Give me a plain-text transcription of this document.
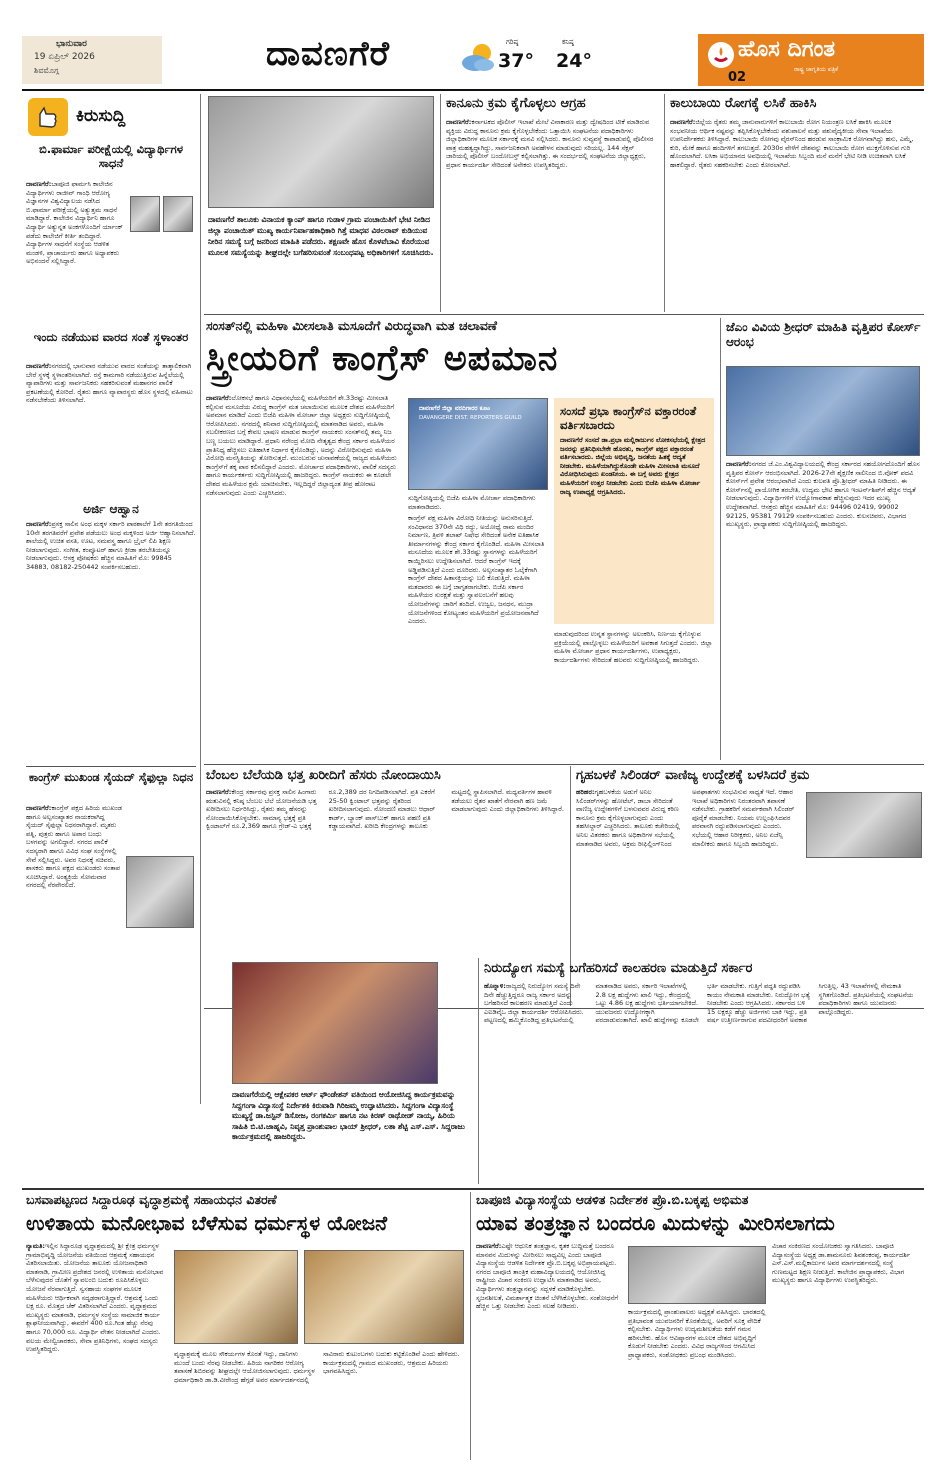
ಭಾನುವಾರ
19 ಏಪ್ರಿಲ್ 2026
ಶಿವಮೊಗ್ಗ	ದಾವಣಗೆರೆ	ಗರಿಷ್ಠ
37°
ಕನಿಷ್ಠ
24°	ಹೊಸ ದಿಗಂತ
ರಾಷ್ಟ್ರ ಜಾಗೃತಿಯ ಪತ್ರಿಕೆ
02
ಕಿರುಸುದ್ದಿ
ಬಿ.ಫಾರ್ಮಾ ಪರೀಕ್ಷೆಯಲ್ಲಿ ವಿದ್ಯಾರ್ಥಿಗಳ ಸಾಧನೆ
ದಾವಣಗೆರೆ:ಬಾಪೂಜಿ ಫಾರ್ಮಸಿ ಕಾಲೇಜಿನ ವಿದ್ಯಾರ್ಥಿಗಳು ರಾಜೀವ್ ಗಾಂಧಿ ಆರೋಗ್ಯ ವಿಜ್ಞಾನಗಳ ವಿಶ್ವವಿದ್ಯಾಲಯ ನಡೆಸಿದ ಬಿ.ಫಾರ್ಮಾ ಪರೀಕ್ಷೆಯಲ್ಲಿ ಅತ್ಯುತ್ತಮ ಸಾಧನೆ ಮಾಡಿದ್ದಾರೆ. ಕಾಲೇಜಿನ ವಿದ್ಯಾರ್ಥಿನಿ ಹಾಗೂ ವಿದ್ಯಾರ್ಥಿ ಅತ್ಯುನ್ನತ ಅಂಕಗಳೊಂದಿಗೆ ರ್ಯಾಂಕ್ ಪಡೆದು ಕಾಲೇಜಿಗೆ ಕೀರ್ತಿ ತಂದಿದ್ದಾರೆ. ವಿದ್ಯಾರ್ಥಿಗಳ ಸಾಧನೆಗೆ ಸಂಸ್ಥೆಯ ಆಡಳಿತ ಮಂಡಳಿ, ಪ್ರಾಚಾರ್ಯರು ಹಾಗೂ ಅಧ್ಯಾಪಕರು ಅಭಿನಂದನೆ ಸಲ್ಲಿಸಿದ್ದಾರೆ.
ಇಂದು ನಡೆಯುವ ವಾರದ ಸಂತೆ ಸ್ಥಳಾಂತರ
ದಾವಣಗೆರೆ:ನಗರದಲ್ಲಿ ಭಾನುವಾರ ನಡೆಯುವ ವಾರದ ಸಂತೆಯನ್ನು ತಾತ್ಕಾಲಿಕವಾಗಿ ಬೇರೆ ಸ್ಥಳಕ್ಕೆ ಸ್ಥಳಾಂತರಿಸಲಾಗಿದೆ. ರಸ್ತೆ ಕಾಮಗಾರಿ ನಡೆಯುತ್ತಿರುವ ಹಿನ್ನೆಲೆಯಲ್ಲಿ ವ್ಯಾಪಾರಿಗಳು ಮತ್ತು ಸಾರ್ವಜನಿಕರು ಸಹಕರಿಸುವಂತೆ ಮಹಾನಗರ ಪಾಲಿಕೆ ಪ್ರಕಟಣೆಯಲ್ಲಿ ಕೋರಿದೆ. ರೈತರು ಹಾಗೂ ವ್ಯಾಪಾರಸ್ಥರು ಹೊಸ ಸ್ಥಳದಲ್ಲಿ ವಹಿವಾಟು ನಡೆಸಬೇಕೆಂದು ತಿಳಿಸಲಾಗಿದೆ.
ಅರ್ಜಿ ಆಹ್ವಾನ
ದಾವಣಗೆರೆ:ಪ್ರಸಕ್ತ ಸಾಲಿನ ಅಂಧ ಮಕ್ಕಳ ಸರ್ಕಾರಿ ಪಾಠಶಾಲೆಗೆ 1ನೇ ತರಗತಿಯಿಂದ 10ನೇ ತರಗತಿವರೆಗೆ ಪ್ರವೇಶ ಪಡೆಯಲು ಅಂಧ ಮಕ್ಕಳಿಂದ ಅರ್ಜಿ ಆಹ್ವಾನಿಸಲಾಗಿದೆ. ಶಾಲೆಯಲ್ಲಿ ಉಚಿತ ವಸತಿ, ಊಟ, ಸಮವಸ್ತ್ರ ಹಾಗೂ ಬ್ರೈಲ್ ಲಿಪಿ ಶಿಕ್ಷಣ ನೀಡಲಾಗುವುದು. ಸಂಗೀತ, ಕಂಪ್ಯೂಟರ್ ಹಾಗೂ ಕ್ರೀಡಾ ತರಬೇತಿಯನ್ನೂ ನೀಡಲಾಗುವುದು. ಆಸಕ್ತ ಪೋಷಕರು ಹೆಚ್ಚಿನ ಮಾಹಿತಿಗೆ ಮೊ: 99845 34883, 08182-250442 ಸಂಪರ್ಕಿಸಬಹುದು.
ಕಾಂಗ್ರೆಸ್ ಮುಖಂಡ ಸೈಯದ್ ಸೈಫುಲ್ಲಾ ನಿಧನ
ದಾವಣಗೆರೆ:ಕಾಂಗ್ರೆಸ್ ಪಕ್ಷದ ಹಿರಿಯ ಮುಖಂಡ ಹಾಗೂ ಅಲ್ಪಸಂಖ್ಯಾತರ ನಾಯಕರಾಗಿದ್ದ ಸೈಯದ್ ಸೈಫುಲ್ಲಾ ನಿಧನರಾಗಿದ್ದಾರೆ. ಮೃತರು ಪತ್ನಿ, ಪುತ್ರರು ಹಾಗೂ ಅಪಾರ ಬಂಧು ಬಳಗವನ್ನು ಅಗಲಿದ್ದಾರೆ. ನಗರದ ಪಾಲಿಕೆ ಸದಸ್ಯರಾಗಿ ಹಾಗೂ ವಿವಿಧ ಸಂಘ ಸಂಸ್ಥೆಗಳಲ್ಲಿ ಸೇವೆ ಸಲ್ಲಿಸಿದ್ದರು. ಅವರ ನಿಧನಕ್ಕೆ ಸಚಿವರು, ಶಾಸಕರು ಹಾಗೂ ಪಕ್ಷದ ಮುಖಂಡರು ಸಂತಾಪ ಸೂಚಿಸಿದ್ದಾರೆ. ಅಂತ್ಯಕ್ರಿಯೆ ಸೋಮವಾರ ನಗರದಲ್ಲಿ ನೆರವೇರಲಿದೆ.
ದಾವಣಗೆರೆ ತಾಲೂಕು ವಿನಾಯಕ ಕ್ಯಾಂಪ್ ಹಾಗೂ ಗುಡಾಳ ಗ್ರಾಮ ಪಂಚಾಯಿತಿಗೆ ಭೇಟಿ ನೀಡಿದ ಜಿಲ್ಲಾ ಪಂಚಾಯಿತ್ ಮುಖ್ಯ ಕಾರ್ಯನಿರ್ವಾಹಕಾಧಿಕಾರಿ ಗಿತ್ತೆ ಮಾಧವ ವಿಠಲರಾವ್ ಕುಡಿಯುವ ನೀರಿನ ಸಮಸ್ಯೆ ಬಗ್ಗೆ ಜನರಿಂದ ಮಾಹಿತಿ ಪಡೆದರು. ತಕ್ಷಣವೇ ಹೊಸ ಕೊಳವೆಬಾವಿ ಕೊರೆಯುವ ಮೂಲಕ ಸಮಸ್ಯೆಯನ್ನು ಶೀಘ್ರದಲ್ಲೇ ಬಗೆಹರಿಸುವಂತೆ ಸಂಬಂಧಪಟ್ಟ ಅಧಿಕಾರಿಗಳಿಗೆ ಸೂಚಿಸಿದರು.
ಕಾನೂನು ಕ್ರಮ ಕೈಗೊಳ್ಳಲು ಆಗ್ರಹ
ದಾವಣಗೆರೆ:ಕರ್ನಾಟಕದ ಪೊಲೀಸ್ ಇಲಾಖೆ ಮೇಲೆ ವಿನಾಕಾರಣ ಮತ್ತು ದ್ವೇಷದಿಂದ ಟೀಕೆ ಮಾಡಿರುವ ವ್ಯಕ್ತಿಯ ವಿರುದ್ಧ ಕಾನೂನು ಕ್ರಮ ಕೈಗೊಳ್ಳಬೇಕೆಂದು ಒತ್ತಾಯಿಸಿ ಸಂಘಟನೆಯ ಪದಾಧಿಕಾರಿಗಳು ಜಿಲ್ಲಾಧಿಕಾರಿಗಳ ಮೂಲಕ ಸರ್ಕಾರಕ್ಕೆ ಮನವಿ ಸಲ್ಲಿಸಿದರು. ಕಾನೂನು ಸುವ್ಯವಸ್ಥೆ ಕಾಪಾಡುವಲ್ಲಿ ಪೊಲೀಸರ ಪಾತ್ರ ಮಹತ್ವದ್ದಾಗಿದ್ದು, ಸಾರ್ವಜನಿಕವಾಗಿ ಅವಹೇಳನ ಮಾಡುವುದು ಸರಿಯಲ್ಲ. 144 ಸೆಕ್ಷನ್ ಜಾರಿಯಲ್ಲಿ ಪೊಲೀಸ್ ಬಂದೋಬಸ್ತ್ ಕಲ್ಪಿಸಲಾಗಿತ್ತು. ಈ ಸಂದರ್ಭದಲ್ಲಿ ಸಂಘಟನೆಯ ಜಿಲ್ಲಾಧ್ಯಕ್ಷರು, ಪ್ರಧಾನ ಕಾರ್ಯದರ್ಶಿ ಸೇರಿದಂತೆ ಅನೇಕರು ಉಪಸ್ಥಿತರಿದ್ದರು.
ಕಾಲುಬಾಯಿ ರೋಗಕ್ಕೆ ಲಸಿಕೆ ಹಾಕಿಸಿ
ದಾವಣಗೆರೆ:ಜಿಲ್ಲೆಯ ರೈತರು ತಮ್ಮ ಜಾನುವಾರುಗಳಿಗೆ ಕಾಲುಬಾಯಿ ರೋಗ ನಿಯಂತ್ರಣ ಲಸಿಕೆ ಹಾಕಿಸಿ ಮೂಲಕ ಸಂಭವನೀಯ ಆರ್ಥಿಕ ನಷ್ಟವನ್ನು ತಪ್ಪಿಸಿಕೊಳ್ಳಬೇಕೆಂದು ಪಶುಪಾಲನೆ ಮತ್ತು ಪಶುವೈದ್ಯಕೀಯ ಸೇವಾ ಇಲಾಖೆಯ ಉಪನಿರ್ದೇಶಕರು ತಿಳಿಸಿದ್ದಾರೆ. ಕಾಲುಬಾಯಿ ರೋಗವು ವೈರಸ್‌ನಿಂದ ಹರಡುವ ಸಾಂಕ್ರಾಮಿಕ ರೋಗವಾಗಿದ್ದು ಹಸು, ಎಮ್ಮೆ, ಕುರಿ, ಮೇಕೆ ಹಾಗೂ ಹಂದಿಗಳಿಗೆ ತಗಲುತ್ತದೆ. 2030ರ ವೇಳೆಗೆ ದೇಶವನ್ನು ಕಾಲುಬಾಯಿ ರೋಗ ಮುಕ್ತಗೊಳಿಸುವ ಗುರಿ ಹೊಂದಲಾಗಿದೆ. ಲಸಿಕಾ ಅಭಿಯಾನದ ಅವಧಿಯಲ್ಲಿ ಇಲಾಖೆಯ ಸಿಬ್ಬಂದಿ ಮನೆ ಮನೆಗೆ ಭೇಟಿ ನೀಡಿ ಉಚಿತವಾಗಿ ಲಸಿಕೆ ಹಾಕಲಿದ್ದಾರೆ. ರೈತರು ಸಹಕರಿಸಬೇಕು ಎಂದು ಕೋರಲಾಗಿದೆ.
ಸಂಸತ್‌ನಲ್ಲಿ ಮಹಿಳಾ ಮೀಸಲಾತಿ ಮಸೂದೆಗೆ ವಿರುದ್ಧವಾಗಿ ಮತ ಚಲಾವಣೆ
ಸ್ತ್ರೀಯರಿಗೆ ಕಾಂಗ್ರೆಸ್ ಅಪಮಾನ
ದಾವಣಗೆರೆ:ಲೋಕಸಭೆ ಹಾಗೂ ವಿಧಾನಸಭೆಯಲ್ಲಿ ಮಹಿಳೆಯರಿಗೆ ಶೇ.33ರಷ್ಟು ಮೀಸಲಾತಿ ಕಲ್ಪಿಸುವ ಮಸೂದೆಯ ವಿರುದ್ಧ ಕಾಂಗ್ರೆಸ್ ಮತ ಚಲಾಯಿಸುವ ಮೂಲಕ ದೇಶದ ಮಹಿಳೆಯರಿಗೆ ಅಪಮಾನ ಮಾಡಿದೆ ಎಂದು ಬಿಜೆಪಿ ಮಹಿಳಾ ಮೋರ್ಚಾ ಜಿಲ್ಲಾ ಅಧ್ಯಕ್ಷರು ಸುದ್ದಿಗೋಷ್ಠಿಯಲ್ಲಿ ಆರೋಪಿಸಿದರು. ನಗರದಲ್ಲಿ ಶನಿವಾರ ಸುದ್ದಿಗೋಷ್ಠಿಯಲ್ಲಿ ಮಾತನಾಡಿದ ಅವರು, ಮಹಿಳಾ ಸಬಲೀಕರಣದ ಬಗ್ಗೆ ಕೇವಲ ಭಾಷಣ ಮಾಡುವ ಕಾಂಗ್ರೆಸ್ ನಾಯಕರು ಸಂಸತ್‌ನಲ್ಲಿ ತಮ್ಮ ನಿಜ ಬಣ್ಣ ಬಯಲು ಮಾಡಿದ್ದಾರೆ. ಪ್ರಧಾನಿ ನರೇಂದ್ರ ಮೋದಿ ನೇತೃತ್ವದ ಕೇಂದ್ರ ಸರ್ಕಾರ ಮಹಿಳೆಯರ ಪ್ರಾತಿನಿಧ್ಯ ಹೆಚ್ಚಿಸಲು ಐತಿಹಾಸಿಕ ನಿರ್ಧಾರ ಕೈಗೊಂಡಿದ್ದು, ಅದನ್ನು ವಿರೋಧಿಸುವುದು ಮಹಿಳಾ ವಿರೋಧಿ ಮನಸ್ಥಿತಿಯನ್ನು ತೋರಿಸುತ್ತದೆ. ಮುಂಬರುವ ಚುನಾವಣೆಯಲ್ಲಿ ರಾಜ್ಯದ ಮಹಿಳೆಯರು ಕಾಂಗ್ರೆಸ್‌ಗೆ ತಕ್ಕ ಪಾಠ ಕಲಿಸಲಿದ್ದಾರೆ ಎಂದರು. ಮೋರ್ಚಾದ ಪದಾಧಿಕಾರಿಗಳು, ಪಾಲಿಕೆ ಸದಸ್ಯರು ಹಾಗೂ ಕಾರ್ಯಕರ್ತರು ಸುದ್ದಿಗೋಷ್ಠಿಯಲ್ಲಿ ಹಾಜರಿದ್ದರು. ಕಾಂಗ್ರೆಸ್ ನಾಯಕರು ಈ ಕೂಡಲೇ ದೇಶದ ಮಹಿಳೆಯರ ಕ್ಷಮೆ ಯಾಚಿಸಬೇಕು, ಇಲ್ಲದಿದ್ದರೆ ಜಿಲ್ಲಾದ್ಯಂತ ತೀವ್ರ ಹೋರಾಟ ನಡೆಸಲಾಗುವುದು ಎಂದು ಎಚ್ಚರಿಸಿದರು.
ದಾವಣಗೆರೆ ಜಿಲ್ಲಾ ವರದಿಗಾರರ ಕೂಟ
DAVANGERE DIST. REPORTERS GUILD
ಸುದ್ದಿಗೋಷ್ಠಿಯಲ್ಲಿ ಬಿಜೆಪಿ ಮಹಿಳಾ ಮೋರ್ಚಾ ಪದಾಧಿಕಾರಿಗಳು ಮಾತನಾಡಿದರು.
ಕಾಂಗ್ರೆಸ್ ಪಕ್ಷ ಮಹಿಳಾ ವಿರೋಧಿ ನೀತಿಯನ್ನು ಅನುಸರಿಸುತ್ತಿದೆ. ಸಂವಿಧಾನದ 370ನೇ ವಿಧಿ ರದ್ದು, ಅಯೋಧ್ಯೆ ರಾಮ ಮಂದಿರ ನಿರ್ಮಾಣ, ತ್ರಿವಳಿ ತಲಾಖ್ ನಿಷೇಧ ಸೇರಿದಂತೆ ಅನೇಕ ಐತಿಹಾಸಿಕ ತೀರ್ಮಾನಗಳನ್ನು ಕೇಂದ್ರ ಸರ್ಕಾರ ಕೈಗೊಂಡಿದೆ. ಮಹಿಳಾ ಮೀಸಲಾತಿ ಮಸೂದೆಯ ಮೂಲಕ ಶೇ.33ರಷ್ಟು ಸ್ಥಾನಗಳನ್ನು ಮಹಿಳೆಯರಿಗೆ ಕಾಯ್ದಿರಿಸಲು ಉದ್ದೇಶಿಸಲಾಗಿದೆ. ಆದರೆ ಕಾಂಗ್ರೆಸ್ ಇದಕ್ಕೆ ಅಡ್ಡಿಪಡಿಸುತ್ತಿದೆ ಎಂದು ದೂರಿದರು. ಅಲ್ಪಸಂಖ್ಯಾತರ ಓಲೈಕೆಗಾಗಿ ಕಾಂಗ್ರೆಸ್ ದೇಶದ ಹಿತಾಸಕ್ತಿಯನ್ನು ಬಲಿ ಕೊಡುತ್ತಿದೆ. ಮಹಿಳಾ ಮತದಾರರು ಈ ಬಗ್ಗೆ ಜಾಗೃತರಾಗಬೇಕು. ಬಿಜೆಪಿ ಸರ್ಕಾರ ಮಹಿಳೆಯರ ಸುರಕ್ಷತೆ ಮತ್ತು ಸ್ವಾವಲಂಬನೆಗೆ ಹಲವು ಯೋಜನೆಗಳನ್ನು ಜಾರಿಗೆ ತಂದಿದೆ. ಉಜ್ವಲ, ಜನಧನ, ಮುದ್ರಾ ಯೋಜನೆಗಳಿಂದ ಕೋಟ್ಯಂತರ ಮಹಿಳೆಯರಿಗೆ ಪ್ರಯೋಜನವಾಗಿದೆ ಎಂದರು.
ಸಂಸದೆ ಪ್ರಭಾ ಕಾಂಗ್ರೆಸ್‌ನ ವಕ್ತಾರರಂತೆ ವರ್ತಿಸಬಾರದು
ದಾವಣಗೆರೆ ಸಂಸದೆ ಡಾ.ಪ್ರಭಾ ಮಲ್ಲಿಕಾರ್ಜುನ ಲೋಕಸಭೆಯಲ್ಲಿ ಕ್ಷೇತ್ರದ ಜನರನ್ನು ಪ್ರತಿನಿಧಿಸಬೇಕೇ ಹೊರತು, ಕಾಂಗ್ರೆಸ್ ಪಕ್ಷದ ವಕ್ತಾರರಂತೆ ವರ್ತಿಸಬಾರದು. ಜಿಲ್ಲೆಯ ಅಭಿವೃದ್ಧಿ, ಜನತೆಯ ಹಿತಕ್ಕೆ ಆದ್ಯತೆ ನೀಡಬೇಕು. ಮಹಿಳೆಯಾಗಿದ್ದುಕೊಂಡೇ ಮಹಿಳಾ ಮೀಸಲಾತಿ ಮಸೂದೆ ವಿರೋಧಿಸಿರುವುದು ಖಂಡನೀಯ. ಈ ಬಗ್ಗೆ ಅವರು ಕ್ಷೇತ್ರದ ಮಹಿಳೆಯರಿಗೆ ಉತ್ತರ ನೀಡಬೇಕು ಎಂದು ಬಿಜೆಪಿ ಮಹಿಳಾ ಮೋರ್ಚಾ ರಾಜ್ಯ ಉಪಾಧ್ಯಕ್ಷೆ ಆಗ್ರಹಿಸಿದರು.
ಮಾಡುವುದರಿಂದ ಉನ್ನತ ಸ್ಥಾನಗಳನ್ನು ಅಲಂಕರಿಸಿ, ನಿರ್ಣಯ ಕೈಗೊಳ್ಳುವ ಪ್ರಕ್ರಿಯೆಯಲ್ಲಿ ಪಾಲ್ಗೊಳ್ಳಲು ಮಹಿಳೆಯರಿಗೆ ಅವಕಾಶ ಸಿಗುತ್ತದೆ ಎಂದರು. ಜಿಲ್ಲಾ ಮಹಿಳಾ ಮೋರ್ಚಾ ಪ್ರಧಾನ ಕಾರ್ಯದರ್ಶಿಗಳು, ಉಪಾಧ್ಯಕ್ಷರು, ಕಾರ್ಯದರ್ಶಿಗಳು ಸೇರಿದಂತೆ ಹಲವರು ಸುದ್ದಿಗೋಷ್ಠಿಯಲ್ಲಿ ಹಾಜರಿದ್ದರು.
ಜೆಎಂ ವಿವಿಯ ಶ್ರೀಧರ್ ಮಾಹಿತಿ ವೃತ್ತಿಪರ ಕೋರ್ಸ್ ಆರಂಭ
ದಾವಣಗೆರೆ:ನಗರದ ಜೆ.ಎಂ.ವಿಶ್ವವಿದ್ಯಾಲಯದಲ್ಲಿ ಕೇಂದ್ರ ಸರ್ಕಾರದ ಸಹಯೋಗದೊಂದಿಗೆ ಹೊಸ ವೃತ್ತಿಪರ ಕೋರ್ಸ್ ಆರಂಭಿಸಲಾಗಿದೆ. 2026-27ನೇ ಶೈಕ್ಷಣಿಕ ಸಾಲಿನಿಂದ ಬಿ.ವೋಕ್ ಪದವಿ ಕೋರ್ಸ್‌ಗೆ ಪ್ರವೇಶ ಆರಂಭವಾಗಿದೆ ಎಂದು ಕುಲಪತಿ ಪ್ರೊ.ಶ್ರೀಧರ್ ಮಾಹಿತಿ ನೀಡಿದರು. ಈ ಕೋರ್ಸ್‌ನಲ್ಲಿ ಪ್ರಾಯೋಗಿಕ ತರಬೇತಿ, ಉದ್ಯಮ ಭೇಟಿ ಹಾಗೂ ಇಂಟರ್ನ್‌ಶಿಪ್‌ಗೆ ಹೆಚ್ಚಿನ ಆದ್ಯತೆ ನೀಡಲಾಗುವುದು. ವಿದ್ಯಾರ್ಥಿಗಳಿಗೆ ಉದ್ಯೋಗಾವಕಾಶ ಹೆಚ್ಚಿಸುವುದು ಇದರ ಮುಖ್ಯ ಉದ್ದೇಶವಾಗಿದೆ. ಆಸಕ್ತರು ಹೆಚ್ಚಿನ ಮಾಹಿತಿಗೆ ಮೊ: 94496 02419, 99002 92125, 95381 79129 ಸಂಪರ್ಕಿಸಬಹುದು ಎಂದರು. ಕುಲಸಚಿವರು, ವಿಭಾಗದ ಮುಖ್ಯಸ್ಥರು, ಪ್ರಾಧ್ಯಾಪಕರು ಸುದ್ದಿಗೋಷ್ಠಿಯಲ್ಲಿ ಹಾಜರಿದ್ದರು.
ಬೆಂಬಲ ಬೆಲೆಯಡಿ ಭತ್ತ ಖರೀದಿಗೆ ಹೆಸರು ನೋಂದಾಯಿಸಿ
ದಾವಣಗೆರೆ:ಕೇಂದ್ರ ಸರ್ಕಾರವು ಪ್ರಸಕ್ತ ಸಾಲಿನ ಹಿಂಗಾರು ಋತುವಿನಲ್ಲಿ ಕನಿಷ್ಠ ಬೆಂಬಲ ಬೆಲೆ ಯೋಜನೆಯಡಿ ಭತ್ತ ಖರೀದಿಸಲು ನಿರ್ಧರಿಸಿದ್ದು, ರೈತರು ತಮ್ಮ ಹೆಸರನ್ನು ನೋಂದಾಯಿಸಿಕೊಳ್ಳಬೇಕು. ಸಾಮಾನ್ಯ ಭತ್ತಕ್ಕೆ ಪ್ರತಿ ಕ್ವಿಂಟಾಲ್‌ಗೆ ರೂ.2,369 ಹಾಗೂ ಗ್ರೇಡ್-ಎ ಭತ್ತಕ್ಕೆ ರೂ.2,389 ದರ ನಿಗದಿಪಡಿಸಲಾಗಿದೆ. ಪ್ರತಿ ಎಕರೆಗೆ 25-50 ಕ್ವಿಂಟಾಲ್ ಭತ್ತವನ್ನು ರೈತರಿಂದ ಖರೀದಿಸಲಾಗುವುದು. ನೋಂದಣಿ ಮಾಡಲು ಆಧಾರ್ ಕಾರ್ಡ್, ಬ್ಯಾಂಕ್ ಪಾಸ್‌ಬುಕ್ ಹಾಗೂ ಪಹಣಿ ಪ್ರತಿ ಕಡ್ಡಾಯವಾಗಿದೆ. ಖರೀದಿ ಕೇಂದ್ರಗಳನ್ನು ತಾಲೂಕು ಮಟ್ಟದಲ್ಲಿ ಸ್ಥಾಪಿಸಲಾಗಿದೆ. ಮಧ್ಯವರ್ತಿಗಳ ಹಾವಳಿ ತಡೆಯಲು ರೈತರ ಖಾತೆಗೆ ನೇರವಾಗಿ ಹಣ ಜಮೆ ಮಾಡಲಾಗುವುದು ಎಂದು ಜಿಲ್ಲಾಧಿಕಾರಿಗಳು ತಿಳಿಸಿದ್ದಾರೆ.
ಗೃಹಬಳಕೆ ಸಿಲಿಂಡರ್ ವಾಣಿಜ್ಯ ಉದ್ದೇಶಕ್ಕೆ ಬಳಸಿದರೆ ಕ್ರಮ
ಹರಿಹರ:ಗೃಹಬಳಕೆಯ ಅಡುಗೆ ಅನಿಲ ಸಿಲಿಂಡರ್‌ಗಳನ್ನು ಹೋಟೆಲ್, ಡಾಬಾ ಸೇರಿದಂತೆ ವಾಣಿಜ್ಯ ಉದ್ದೇಶಗಳಿಗೆ ಬಳಸುವವರ ವಿರುದ್ಧ ಕಠಿಣ ಕಾನೂನು ಕ್ರಮ ಕೈಗೊಳ್ಳಲಾಗುವುದು ಎಂದು ತಹಸೀಲ್ದಾರ್ ಎಚ್ಚರಿಸಿದರು. ತಾಲೂಕು ಕಚೇರಿಯಲ್ಲಿ ಅನಿಲ ವಿತರಕರು ಹಾಗೂ ಅಧಿಕಾರಿಗಳ ಸಭೆಯಲ್ಲಿ ಮಾತನಾಡಿದ ಅವರು, ಅಕ್ರಮ ರೀಫಿಲ್ಲಿಂಗ್‌ನಿಂದ ಅಪಘಾತಗಳು ಸಂಭವಿಸುವ ಸಾಧ್ಯತೆ ಇದೆ. ಆಹಾರ ಇಲಾಖೆ ಅಧಿಕಾರಿಗಳು ನಿರಂತರವಾಗಿ ತಪಾಸಣೆ ನಡೆಸಬೇಕು. ಗ್ರಾಹಕರಿಗೆ ಸಮರ್ಪಕವಾಗಿ ಸಿಲಿಂಡರ್ ಪೂರೈಕೆ ಮಾಡಬೇಕು. ನಿಯಮ ಉಲ್ಲಂಘಿಸಿದವರ ಪರವಾನಗಿ ರದ್ದುಪಡಿಸಲಾಗುವುದು ಎಂದರು. ಸಭೆಯಲ್ಲಿ ಆಹಾರ ನಿರೀಕ್ಷಕರು, ಅನಿಲ ಏಜೆನ್ಸಿ ಮಾಲೀಕರು ಹಾಗೂ ಸಿಬ್ಬಂದಿ ಹಾಜರಿದ್ದರು.
ದಾವಣಗೆರೆಯಲ್ಲಿ ಆಕ್ಷೇಪಕರ ಆರ್ಟ್ ಫೌಂಡೇಶನ್ ವತಿಯಿಂದ ಆಯೋಜಿಸಿದ್ದ ಕಾರ್ಯಕ್ರಮವನ್ನು ಸಿದ್ದಗಂಗಾ ವಿದ್ಯಾಸಂಸ್ಥೆ ನಿರ್ದೇಶಕಿ ಕಿರುವಾಡಿ ಗಿರಿಜಮ್ಮ ಉದ್ಘಾಟಿಸಿದರು. ಸಿದ್ದಗಂಗಾ ವಿದ್ಯಾಸಂಸ್ಥೆ ಮುಖ್ಯಸ್ಥೆ ಡಾ.ಜಸ್ಟಿನ್ ಡಿಸೋಜ, ರಂಗಕರ್ಮಿ ಹಾಗೂ ನಟ ಕಿರಣ್ ರಾಥೋಡ್ ನಾಯ್ಕ, ಹಿರಿಯ ಸಾಹಿತಿ ಬಿ.ಟಿ.ಜಾಹ್ನವಿ, ನಿವೃತ್ತ ಪ್ರಾಂಶುಪಾಲ ಭಾಯ್ ಶ್ರೀಧರ್, ಲತಾ ಶೆಟ್ಟಿ ಎಸ್.ಎಸ್. ಸಿದ್ದರಾಜು ಕಾರ್ಯಕ್ರಮದಲ್ಲಿ ಹಾಜರಿದ್ದರು.
ನಿರುದ್ಯೋಗ ಸಮಸ್ಯೆ ಬಗೆಹರಿಸದೆ ಕಾಲಹರಣ ಮಾಡುತ್ತಿದೆ ಸರ್ಕಾರ
ಹೊನ್ನಾಳಿ:ರಾಜ್ಯದಲ್ಲಿ ನಿರುದ್ಯೋಗ ಸಮಸ್ಯೆ ದಿನೇ ದಿನೇ ಹೆಚ್ಚುತ್ತಿದ್ದರೂ ರಾಜ್ಯ ಸರ್ಕಾರ ಅದನ್ನು ಬಗೆಹರಿಸದೆ ಕಾಲಹರಣ ಮಾಡುತ್ತಿದೆ ಎಂದು ಎಐಡಿವೈಒ ಜಿಲ್ಲಾ ಕಾರ್ಯದರ್ಶಿ ಆರೋಪಿಸಿದರು. ಪಟ್ಟಣದಲ್ಲಿ ಹಮ್ಮಿಕೊಂಡಿದ್ದ ಪ್ರತಿಭಟನೆಯಲ್ಲಿ ಮಾತನಾಡಿದ ಅವರು, ಸರ್ಕಾರಿ ಇಲಾಖೆಗಳಲ್ಲಿ 2.8 ಲಕ್ಷ ಹುದ್ದೆಗಳು ಖಾಲಿ ಇದ್ದು, ಕೇಂದ್ರದಲ್ಲಿ ಒಟ್ಟು 4.86 ಲಕ್ಷ ಹುದ್ದೆಗಳು ಭರ್ತಿಯಾಗಬೇಕಿದೆ. ಯುವಜನರು ಉದ್ಯೋಗಕ್ಕಾಗಿ ಪರದಾಡುವಂತಾಗಿದೆ. ಖಾಲಿ ಹುದ್ದೆಗಳನ್ನು ಕೂಡಲೇ ಭರ್ತಿ ಮಾಡಬೇಕು. ಗುತ್ತಿಗೆ ಪದ್ಧತಿ ರದ್ದುಪಡಿಸಿ ಕಾಯಂ ನೇಮಕಾತಿ ಮಾಡಬೇಕು. ನಿರುದ್ಯೋಗ ಭತ್ಯೆ ನೀಡಬೇಕು ಎಂದು ಆಗ್ರಹಿಸಿದರು. ಸರ್ಕಾರದ ಬಳಿ 15 ಲಕ್ಷಕ್ಕೂ ಹೆಚ್ಚು ಅರ್ಜಿಗಳು ಬಾಕಿ ಇದ್ದು, ಪ್ರತಿ ವರ್ಷ ಉತ್ತೀರ್ಣರಾಗುವ ಪದವೀಧರರಿಗೆ ಅವಕಾಶ ಸಿಗುತ್ತಿಲ್ಲ. 43 ಇಲಾಖೆಗಳಲ್ಲಿ ನೇಮಕಾತಿ ಸ್ಥಗಿತಗೊಂಡಿದೆ. ಪ್ರತಿಭಟನೆಯಲ್ಲಿ ಸಂಘಟನೆಯ ಪದಾಧಿಕಾರಿಗಳು ಹಾಗೂ ಯುವಜನರು ಪಾಲ್ಗೊಂಡಿದ್ದರು.
ಬಸವಾಪಟ್ಟಣದ ಸಿದ್ದಾರೂಢ ವೃದ್ಧಾಶ್ರಮಕ್ಕೆ ಸಹಾಯಧನ ವಿತರಣೆ
ಉಳಿತಾಯ ಮನೋಭಾವ ಬೆಳೆಸುವ ಧರ್ಮಸ್ಥಳ ಯೋಜನೆ
ನ್ಯಾಮತಿ:ಇಲ್ಲಿನ ಸಿದ್ದಾರೂಢ ವೃದ್ಧಾಶ್ರಮದಲ್ಲಿ ಶ್ರೀ ಕ್ಷೇತ್ರ ಧರ್ಮಸ್ಥಳ ಗ್ರಾಮಾಭಿವೃದ್ಧಿ ಯೋಜನೆಯ ವತಿಯಿಂದ ಆಶ್ರಮಕ್ಕೆ ಸಹಾಯಧನ ವಿತರಿಸಲಾಯಿತು. ಯೋಜನೆಯ ತಾಲೂಕು ಯೋಜನಾಧಿಕಾರಿ ಮಾತನಾಡಿ, ಗ್ರಾಮೀಣ ಪ್ರದೇಶದ ಜನರಲ್ಲಿ ಉಳಿತಾಯ ಮನೋಭಾವ ಬೆಳೆಸುವುದರ ಜೊತೆಗೆ ಸ್ವಾವಲಂಬಿ ಬದುಕು ರೂಪಿಸಿಕೊಳ್ಳಲು ಯೋಜನೆ ನೆರವಾಗುತ್ತಿದೆ. ಸ್ವಸಹಾಯ ಸಂಘಗಳ ಮೂಲಕ ಮಹಿಳೆಯರು ಆರ್ಥಿಕವಾಗಿ ಸದೃಢರಾಗುತ್ತಿದ್ದಾರೆ. ಆಶ್ರಮಕ್ಕೆ ಒಂದು ಲಕ್ಷ ರೂ. ಮೊತ್ತದ ಚೆಕ್ ವಿತರಿಸಲಾಗಿದೆ ಎಂದರು. ವೃದ್ಧಾಶ್ರಮದ ಮುಖ್ಯಸ್ಥರು ಮಾತನಾಡಿ, ಧರ್ಮಸ್ಥಳ ಸಂಸ್ಥೆಯ ಸಾಮಾಜಿಕ ಕಾರ್ಯ ಶ್ಲಾಘನೀಯವಾಗಿದ್ದು, ಈವರೆಗೆ 400 ರೂ.ಗಿಂತ ಹೆಚ್ಚು ನೆರವು ಹಾಗೂ 70,000 ರೂ. ವಿದ್ಯಾರ್ಥಿ ವೇತನ ನೀಡಲಾಗಿದೆ ಎಂದರು. ವಲಯ ಮೇಲ್ವಿಚಾರಕರು, ಸೇವಾ ಪ್ರತಿನಿಧಿಗಳು, ಸಂಘದ ಸದಸ್ಯರು ಉಪಸ್ಥಿತರಿದ್ದರು.
ವೃದ್ಧಾಶ್ರಮಕ್ಕೆ ಮೂಲ ಸೌಕರ್ಯಗಳ ಕೊರತೆ ಇದ್ದು, ದಾನಿಗಳು ಮುಂದೆ ಬಂದು ನೆರವು ನೀಡಬೇಕು. ಹಿರಿಯ ನಾಗರಿಕರ ಆರೋಗ್ಯ ತಪಾಸಣೆ ಶಿಬಿರವನ್ನು ಶೀಘ್ರದಲ್ಲೇ ಆಯೋಜಿಸಲಾಗುವುದು. ಧರ್ಮಸ್ಥಳ ಧರ್ಮಾಧಿಕಾರಿ ಡಾ.ಡಿ.ವೀರೇಂದ್ರ ಹೆಗ್ಗಡೆ ಅವರ ಮಾರ್ಗದರ್ಶನದಲ್ಲಿ ಸಾವಿರಾರು ಕುಟುಂಬಗಳು ಬದುಕು ಕಟ್ಟಿಕೊಂಡಿವೆ ಎಂದು ಹೇಳಿದರು. ಕಾರ್ಯಕ್ರಮದಲ್ಲಿ ಗ್ರಾಮದ ಮುಖಂಡರು, ಆಶ್ರಮದ ಹಿರಿಯರು ಭಾಗವಹಿಸಿದ್ದರು.
ಬಾಪೂಜಿ ವಿದ್ಯಾಸಂಸ್ಥೆಯ ಆಡಳಿತ ನಿರ್ದೇಶಕ ಪ್ರೊ.ಬಿ.ಬಕ್ಕಪ್ಪ ಅಭಿಮತ
ಯಾವ ತಂತ್ರಜ್ಞಾನ ಬಂದರೂ ಮಿದುಳನ್ನು ಮೀರಿಸಲಾಗದು
ದಾವಣಗೆರೆ:ಎಷ್ಟೇ ಆಧುನಿಕ ತಂತ್ರಜ್ಞಾನ, ಕೃತಕ ಬುದ್ಧಿಮತ್ತೆ ಬಂದರೂ ಮಾನವನ ಮಿದುಳನ್ನು ಮೀರಿಸಲು ಸಾಧ್ಯವಿಲ್ಲ ಎಂದು ಬಾಪೂಜಿ ವಿದ್ಯಾಸಂಸ್ಥೆಯ ಆಡಳಿತ ನಿರ್ದೇಶಕ ಪ್ರೊ.ಬಿ.ಬಕ್ಕಪ್ಪ ಅಭಿಪ್ರಾಯಪಟ್ಟರು. ನಗರದ ಬಾಪೂಜಿ ತಾಂತ್ರಿಕ ಮಹಾವಿದ್ಯಾಲಯದಲ್ಲಿ ಆಯೋಜಿಸಿದ್ದ ರಾಷ್ಟ್ರೀಯ ವಿಚಾರ ಸಂಕಿರಣ ಉದ್ಘಾಟಿಸಿ ಮಾತನಾಡಿದ ಅವರು, ವಿದ್ಯಾರ್ಥಿಗಳು ತಂತ್ರಜ್ಞಾನವನ್ನು ಸದ್ಬಳಕೆ ಮಾಡಿಕೊಳ್ಳಬೇಕು. ಸೃಜನಶೀಲತೆ, ವಿಮರ್ಶಾತ್ಮಕ ಚಿಂತನೆ ಬೆಳೆಸಿಕೊಳ್ಳಬೇಕು. ಸಂಶೋಧನೆಗೆ ಹೆಚ್ಚಿನ ಒತ್ತು ನೀಡಬೇಕು ಎಂದು ಸಲಹೆ ನೀಡಿದರು.
ಕಾರ್ಯಕ್ರಮದಲ್ಲಿ ಪ್ರಾಂಶುಪಾಲರು ಅಧ್ಯಕ್ಷತೆ ವಹಿಸಿದ್ದರು. ಭಾರತದಲ್ಲಿ ಪ್ರತಿಭಾವಂತ ಯುವಜನರಿಗೆ ಕೊರತೆಯಿಲ್ಲ. ಅವರಿಗೆ ಸೂಕ್ತ ವೇದಿಕೆ ಕಲ್ಪಿಸಬೇಕು. ವಿದ್ಯಾರ್ಥಿಗಳು ಉದ್ಯಮಶೀಲತೆಯ ಕಡೆಗೆ ಗಮನ ಹರಿಸಬೇಕು. ಹೊಸ ಆವಿಷ್ಕಾರಗಳ ಮೂಲಕ ದೇಶದ ಅಭಿವೃದ್ಧಿಗೆ ಕೊಡುಗೆ ನೀಡಬೇಕು ಎಂದರು. ವಿವಿಧ ರಾಜ್ಯಗಳಿಂದ ಆಗಮಿಸಿದ ಪ್ರಾಧ್ಯಾಪಕರು, ಸಂಶೋಧಕರು ಪ್ರಬಂಧ ಮಂಡಿಸಿದರು.
ವಿಚಾರ ಸಂಕಿರಣದ ಸಂಯೋಜಕರು ಸ್ವಾಗತಿಸಿದರು. ಬಾಪೂಜಿ ವಿದ್ಯಾಸಂಸ್ಥೆಯ ಅಧ್ಯಕ್ಷ ಡಾ.ಶಾಮನೂರು ಶಿವಶಂಕರಪ್ಪ, ಕಾರ್ಯದರ್ಶಿ ಎಸ್.ಎಸ್.ಮಲ್ಲಿಕಾರ್ಜುನ ಅವರ ಮಾರ್ಗದರ್ಶನದಲ್ಲಿ ಸಂಸ್ಥೆ ಗುಣಮಟ್ಟದ ಶಿಕ್ಷಣ ನೀಡುತ್ತಿದೆ. ಕಾಲೇಜಿನ ಪ್ರಾಧ್ಯಾಪಕರು, ವಿಭಾಗ ಮುಖ್ಯಸ್ಥರು ಹಾಗೂ ವಿದ್ಯಾರ್ಥಿಗಳು ಉಪಸ್ಥಿತರಿದ್ದರು.
